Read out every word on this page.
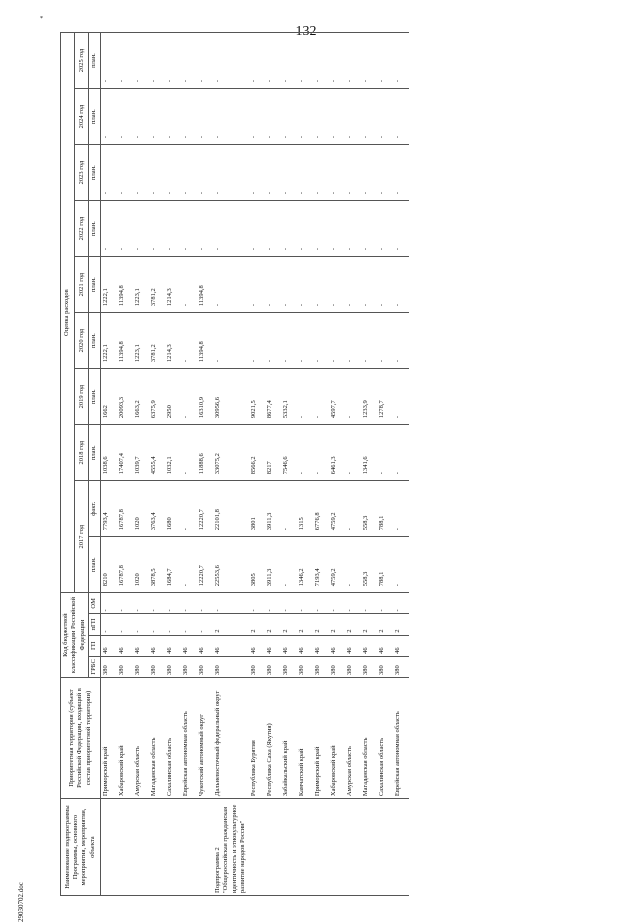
*
132
29030702.doc
Наименование подпрограммы Программы, основного мероприятия, мероприятия, объекта	Приоритетная территория (субъект Российской Федерации, входящий в состав приоритетной территории)	Код бюджетной классификации Российской Федерации				Оценка расходов									
						2017 год		2018 год	2019 год	2020 год	2021 год	2022 год	2023 год	2024 год	2025 год
		ГРБС	ГП	пГП	ОМ	план.	факт.	план.	план.	план.	план.	план.	план.	план.	план.
	Приморский край	380	46	-	-	8210	7793,4	1038,6	1662	1222,1	1222,1	-	-	-	-
	Хабаровский край	380	46	-	-	16787,8	16787,8	17407,4	20093,3	11394,8	11394,8	-	-	-	-
	Амурская область	380	46	-	-	1020	1020	1039,7	1663,2	1223,1	1223,1	-	-	-	-
	Магаданская область	380	46	-	-	3878,5	3763,4	4555,4	6375,9	3781,2	3781,2	-	-	-	-
	Сахалинская область	380	46	-	-	1684,7	1680	1032,1	2950	1214,3	1214,3	-	-	-	-
	Еврейская автономная область	380	46	-	-	-	-	-	-	-	-	-	-	-	-
	Чукотский автономный округ	380	46	-	-	12220,7	12220,7	11888,6	16310,9	11394,8	11394,8	-	-	-	-
Подпрограмма 2 "Общероссийская гражданская идентичность и этнокультурное развитие народов России"	Дальневосточный федеральный округ	380	46	2	-	22553,6	22101,8	33075,2	30956,6	-	-	-	-	-	-
	Республика Бурятия	380	46	2	-	3805	3801	8566,2	9021,5	-	-	-	-	-	-
	Республика Саха (Якутия)	380	46	2	-	3911,3	3911,3	8217	8677,4	-	-	-	-	-	-
	Забайкальский край	380	46	2	-	-	-	7546,6	5332,1	-	-	-	-	-	-
	Камчатский край	380	46	2	-	1346,2	1315	-	-	-	-	-	-	-	-
	Приморский край	380	46	2	-	7193,4	6776,8	-	-	-	-	-	-	-	-
	Хабаровский край	380	46	2	-	4759,2	4759,2	6461,3	4597,7	-	-	-	-	-	-
	Амурская область	380	46	2	-	-	-	-	-	-	-	-	-	-	-
	Магаданская область	380	46	2	-	558,3	558,3	1341,6	1233,9	-	-	-	-	-	-
	Сахалинская область	380	46	2	-	788,1	788,1	-	1278,7	-	-	-	-	-	-
	Еврейская автономная область	380	46	2	-	-	-	-	-	-	-	-	-	-	-
